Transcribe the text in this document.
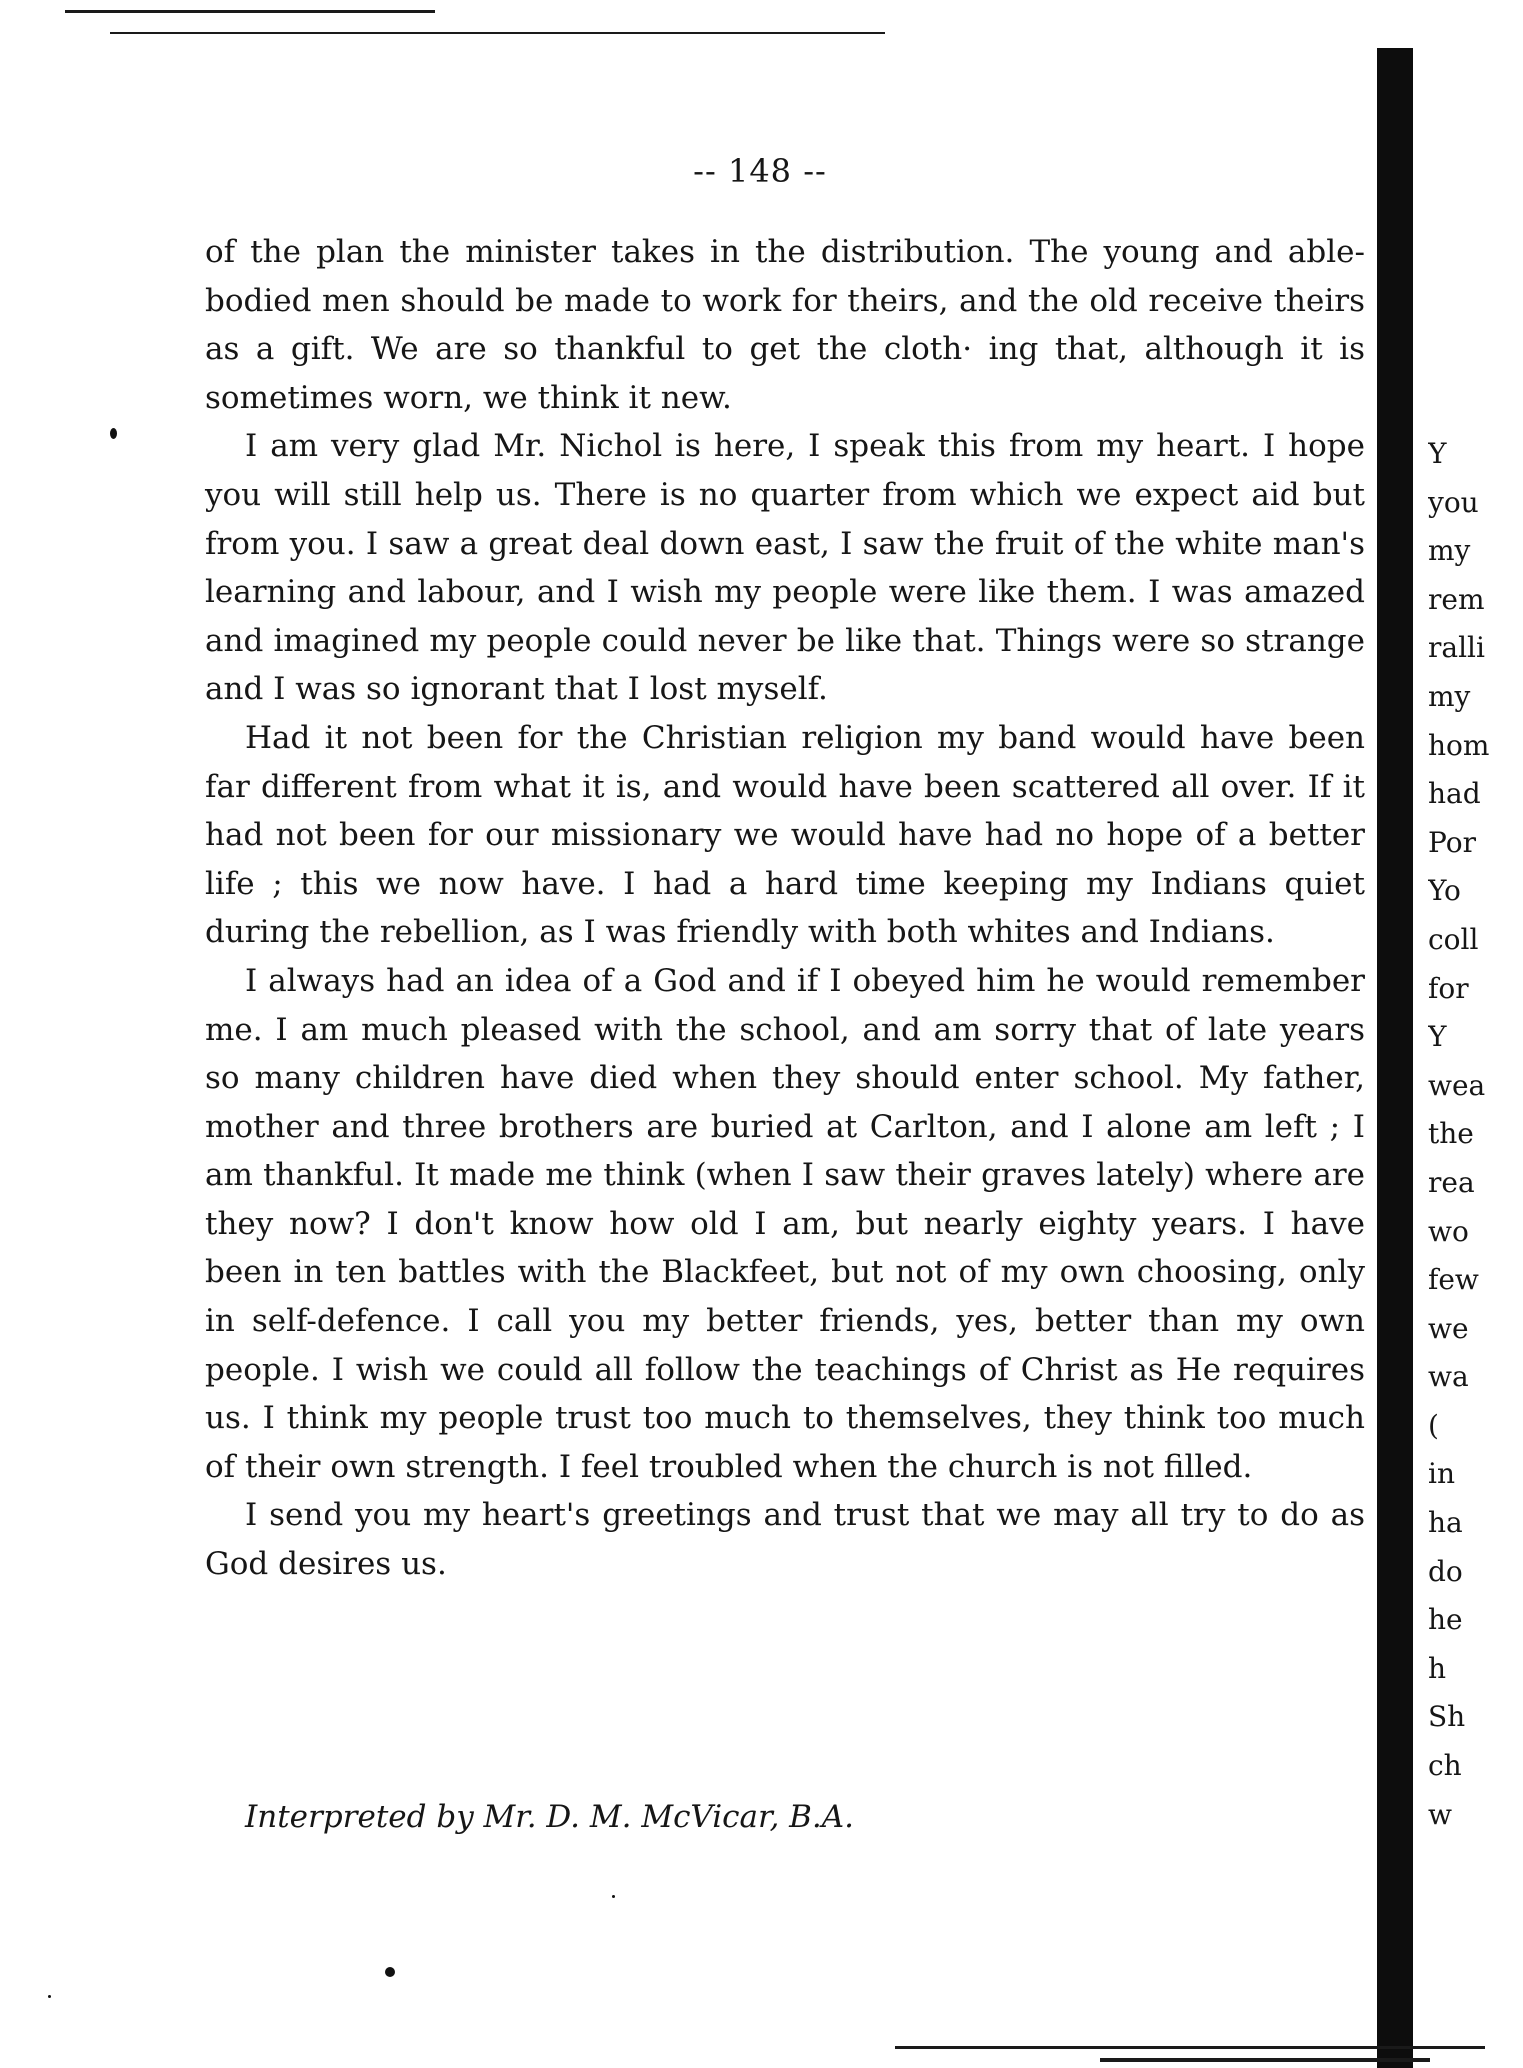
-- 148 --

of the plan the minister takes in the distribution. The young and able-bodied men should be made to work for theirs, and the old receive theirs as a gift. We are so thankful to get the cloth· ing that, although it is sometimes worn, we think it new.

I am very glad Mr. Nichol is here, I speak this from my heart. I hope you will still help us. There is no quarter from which we expect aid but from you. I saw a great deal down east, I saw the fruit of the white man's learning and labour, and I wish my people were like them. I was amazed and imagined my people could never be like that. Things were so strange and I was so ignorant that I lost myself.

Had it not been for the Christian religion my band would have been far different from what it is, and would have been scattered all over. If it had not been for our missionary we would have had no hope of a better life ; this we now have. I had a hard time keeping my Indians quiet during the rebellion, as I was friendly with both whites and Indians.

I always had an idea of a God and if I obeyed him he would remember me. I am much pleased with the school, and am sorry that of late years so many children have died when they should enter school. My father, mother and three brothers are buried at Carlton, and I alone am left ; I am thankful. It made me think (when I saw their graves lately) where are they now? I don't know how old I am, but nearly eighty years. I have been in ten battles with the Blackfeet, but not of my own choosing, only in self-defence. I call you my better friends, yes, better than my own people. I wish we could all follow the teachings of Christ as He requires us. I think my people trust too much to themselves, they think too much of their own strength. I feel troubled when the church is not filled.

I send you my heart's greetings and trust that we may all try to do as God desires us.

Interpreted by Mr. D. M. McVicar, B.A.
Y
you
my
rem
ralli
my
hom
had
Por
Yo
coll
for
Y
wea
the
rea
wo
few
we
wa
(
in
ha
do
he
h
Sh
ch
w
